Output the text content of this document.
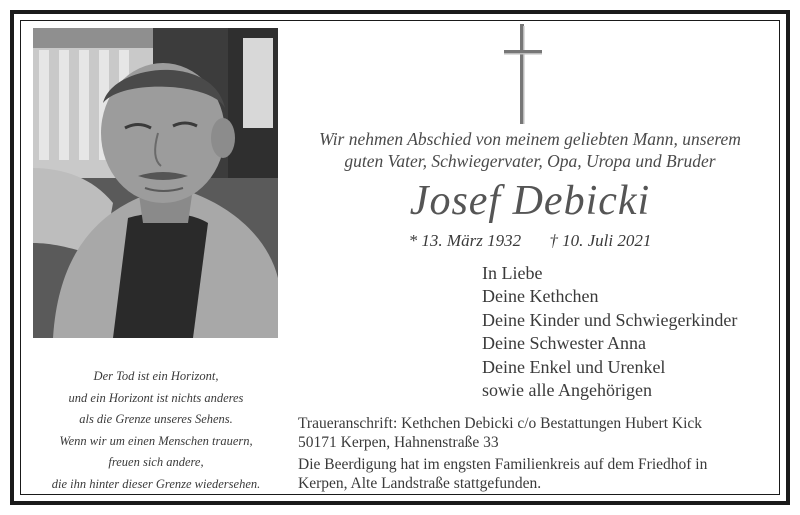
Wir nehmen Abschied von meinem geliebten Mann, unserem
guten Vater, Schwiegervater, Opa, Uropa und Bruder
Josef Debicki
* 13. März 1932 † 10. Juli 2021
In Liebe
Deine Kethchen
Deine Kinder und Schwiegerkinder
Deine Schwester Anna
Deine Enkel und Urenkel
sowie alle Angehörigen
Der Tod ist ein Horizont,
und ein Horizont ist nichts anderes
als die Grenze unseres Sehens.
Wenn wir um einen Menschen trauern,
freuen sich andere,
die ihn hinter dieser Grenze wiedersehen.
Traueranschrift: Kethchen Debicki c/o Bestattungen Hubert Kick
50171 Kerpen, Hahnenstraße 33
Die Beerdigung hat im engsten Familienkreis auf dem Friedhof in
Kerpen, Alte Landstraße stattgefunden.
